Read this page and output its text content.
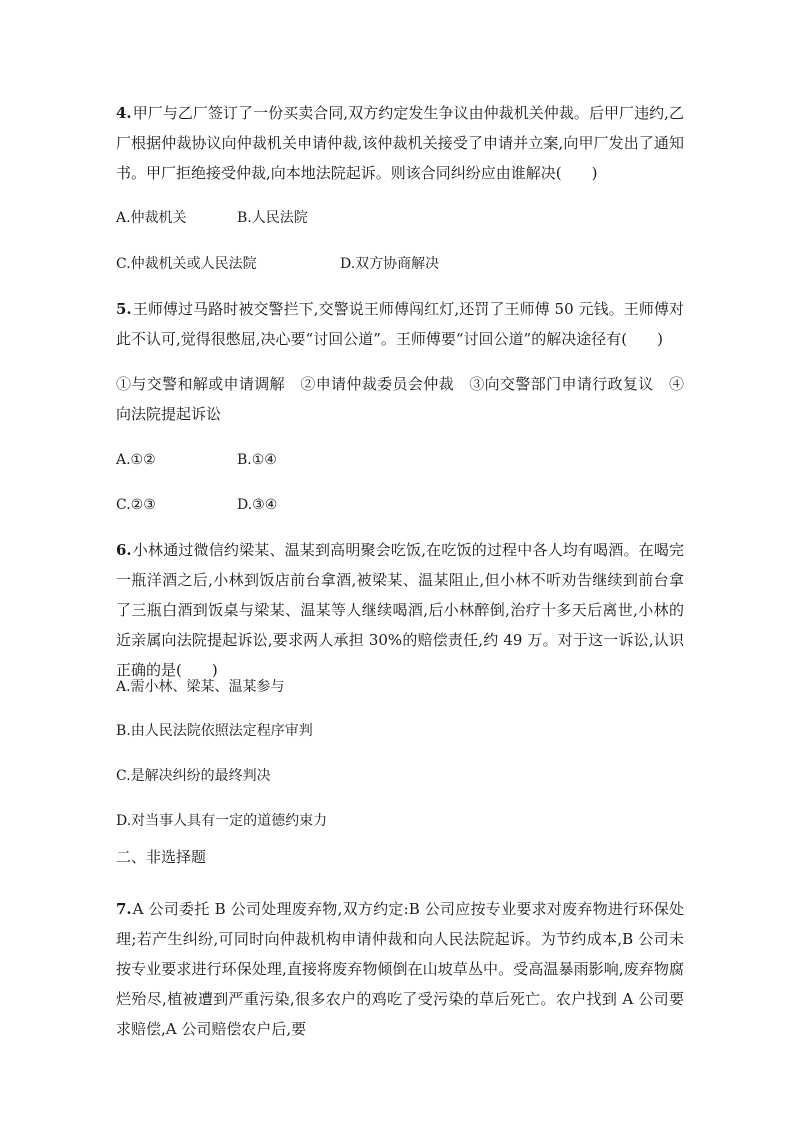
4.甲厂与乙厂签订了一份买卖合同,双方约定发生争议由仲裁机关仲裁。后甲厂违约,乙厂根据仲裁协议向仲裁机关申请仲裁,该仲裁机关接受了申请并立案,向甲厂发出了通知书。甲厂拒绝接受仲裁,向本地法院起诉。则该合同纠纷应由谁解决(　　)
A.仲裁机关	B.人民法院
C.仲裁机关或人民法院	D.双方协商解决
5.王师傅过马路时被交警拦下,交警说王师傅闯红灯,还罚了王师傅 50 元钱。王师傅对此不认可,觉得很憋屈,决心要“讨回公道”。王师傅要“讨回公道”的解决途径有(　　)
①与交警和解或申请调解　②申请仲裁委员会仲裁　③向交警部门申请行政复议　④向法院提起诉讼
A.①②	B.①④
C.②③	D.③④
6.小林通过微信约梁某、温某到高明聚会吃饭,在吃饭的过程中各人均有喝酒。在喝完一瓶洋酒之后,小林到饭店前台拿酒,被梁某、温某阻止,但小林不听劝告继续到前台拿了三瓶白酒到饭桌与梁某、温某等人继续喝酒,后小林醉倒,治疗十多天后离世,小林的近亲属向法院提起诉讼,要求两人承担 30%的赔偿责任,约 49 万。对于这一诉讼,认识正确的是(　　)
A.需小林、梁某、温某参与
B.由人民法院依照法定程序审判
C.是解决纠纷的最终判决
D.对当事人具有一定的道德约束力
二、非选择题
7.A 公司委托 B 公司处理废弃物,双方约定:B 公司应按专业要求对废弃物进行环保处理;若产生纠纷,可同时向仲裁机构申请仲裁和向人民法院起诉。为节约成本,B 公司未按专业要求进行环保处理,直接将废弃物倾倒在山坡草丛中。受高温暴雨影响,废弃物腐烂殆尽,植被遭到严重污染,很多农户的鸡吃了受污染的草后死亡。农户找到 A 公司要求赔偿,A 公司赔偿农户后,要
